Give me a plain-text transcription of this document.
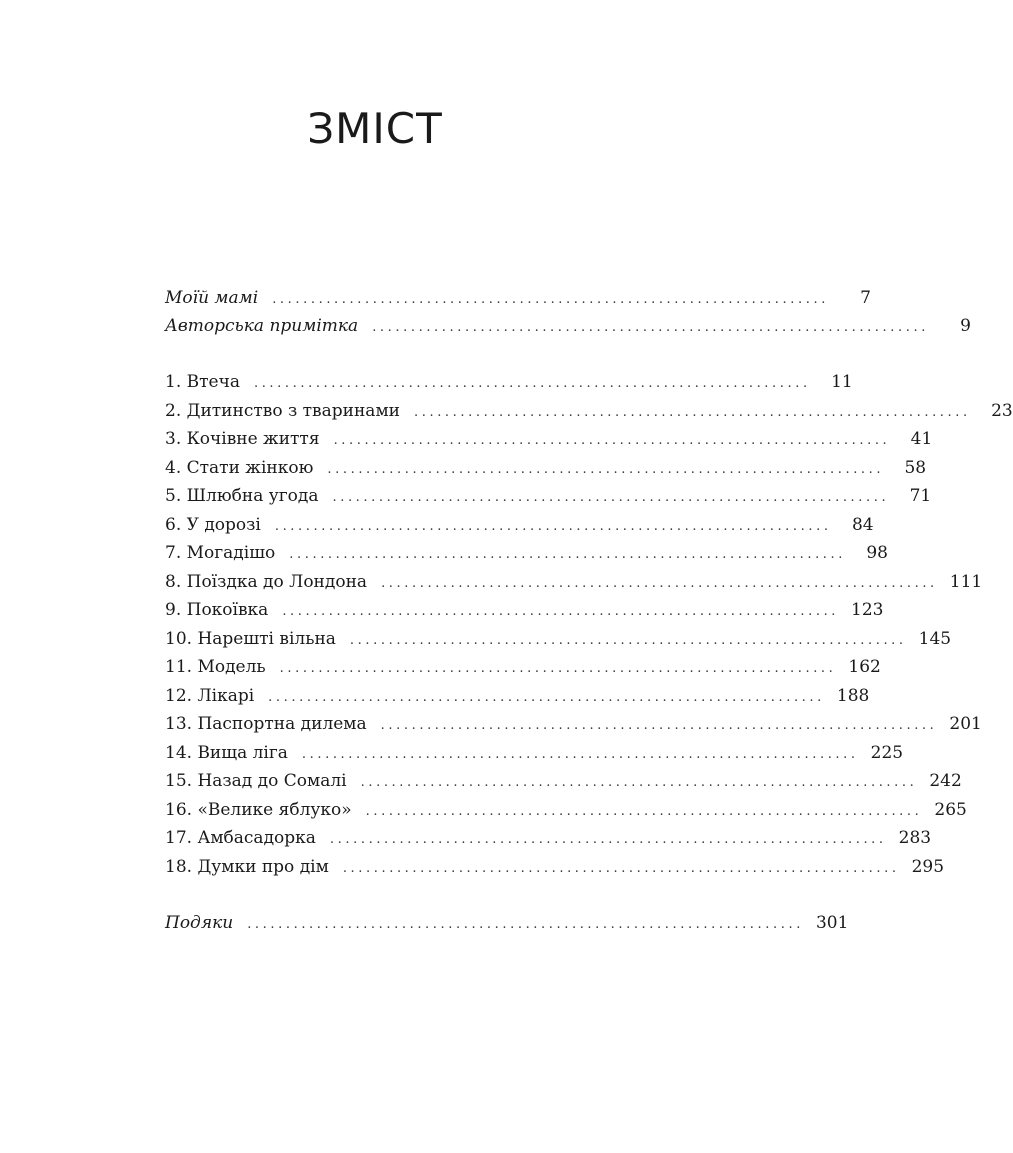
ЗМІСТ
Моїй мамі ........................................................................	7
Авторська примітка ........................................................................	9
1. Втеча ........................................................................	11
2. Дитинство з тваринами ........................................................................	23
3. Кочівне життя ........................................................................	41
4. Стати жінкою ........................................................................	58
5. Шлюбна угода ........................................................................	71
6. У дорозі ........................................................................	84
7. Могадішо ........................................................................	98
8. Поїздка до Лондона ........................................................................ 111
9. Покоївка ........................................................................ 123
10. Нарешті вільна ........................................................................ 145
11. Модель ........................................................................ 162
12. Лікарі ........................................................................ 188
13. Паспортна дилема ........................................................................ 201
14. Вища ліга ........................................................................ 225
15. Назад до Сомалі ........................................................................ 242
16. «Велике яблуко» ........................................................................ 265
17. Амбасадорка ........................................................................ 283
18. Думки про дім ........................................................................ 295
Подяки ........................................................................ 301
